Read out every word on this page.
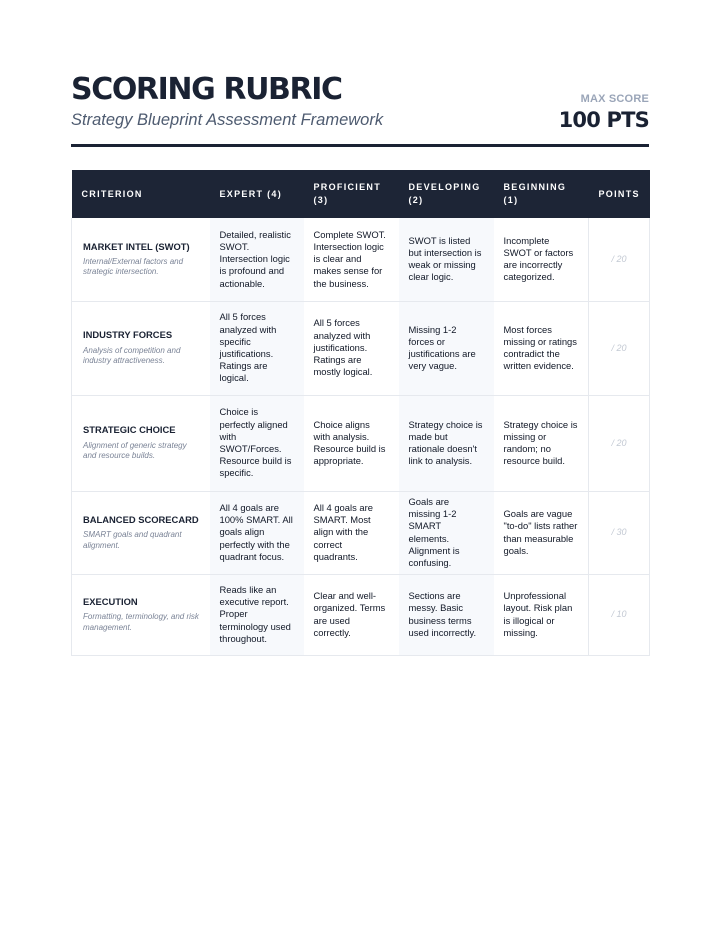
SCORING RUBRIC
Strategy Blueprint Assessment Framework
MAX SCORE
100 PTS
CRITERION	EXPERT (4)	PROFICIENT (3)	DEVELOPING (2)	BEGINNING (1)	POINTS

MARKET INTEL (SWOT)
Internal/External factors and strategic intersection.	Detailed, realistic SWOT. Intersection logic is profound and actionable.	Complete SWOT. Intersection logic is clear and makes sense for the business.	SWOT is listed but intersection is weak or missing clear logic.	Incomplete SWOT or factors are incorrectly categorized.	/ 20

INDUSTRY FORCES
Analysis of competition and industry attractiveness.	All 5 forces analyzed with specific justifications. Ratings are logical.	All 5 forces analyzed with justifications. Ratings are mostly logical.	Missing 1-2 forces or justifications are very vague.	Most forces missing or ratings contradict the written evidence.	/ 20

STRATEGIC CHOICE
Alignment of generic strategy and resource builds.	Choice is perfectly aligned with SWOT/Forces. Resource build is specific.	Choice aligns with analysis. Resource build is appropriate.	Strategy choice is made but rationale doesn't link to analysis.	Strategy choice is missing or random; no resource build.	/ 20

BALANCED SCORECARD
SMART goals and quadrant alignment.	All 4 goals are 100% SMART. All goals align perfectly with the quadrant focus.	All 4 goals are SMART. Most align with the correct quadrants.	Goals are missing 1-2 SMART elements. Alignment is confusing.	Goals are vague "to-do" lists rather than measurable goals.	/ 30

EXECUTION
Formatting, terminology, and risk management.	Reads like an executive report. Proper terminology used throughout.	Clear and well-organized. Terms are used correctly.	Sections are messy. Basic business terms used incorrectly.	Unprofessional layout. Risk plan is illogical or missing.	/ 10
